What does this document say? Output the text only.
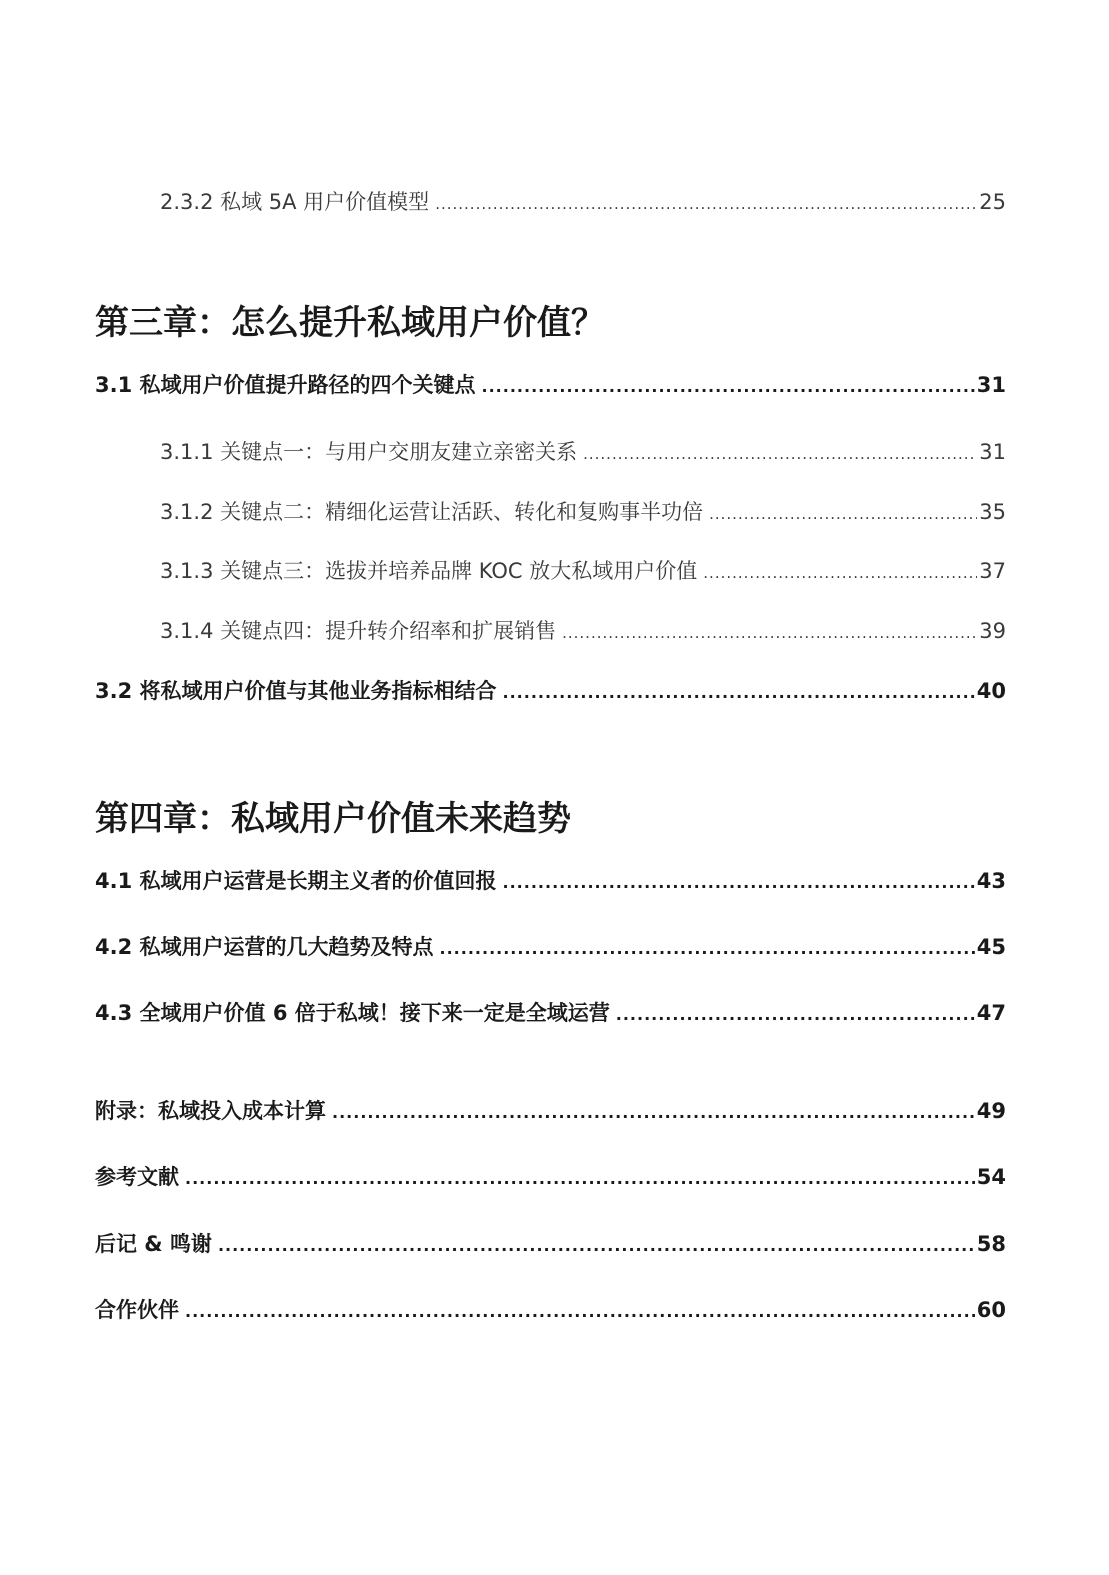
2.3.2 私域 5A 用户价值模型 .....	25
第三章：怎么提升私域用户价值？
3.1 私域用户价值提升路径的四个关键点 .....	31
3.1.1 关键点一：与用户交朋友建立亲密关系 .....	31
3.1.2 关键点二：精细化运营让活跃、转化和复购事半功倍 .....	35
3.1.3 关键点三：选拔并培养品牌 KOC 放大私域用户价值 .....	37
3.1.4 关键点四：提升转介绍率和扩展销售 .....	39
3.2 将私域用户价值与其他业务指标相结合 .....	40
第四章：私域用户价值未来趋势
4.1 私域用户运营是长期主义者的价值回报 .....	43
4.2 私域用户运营的几大趋势及特点 .....	45
4.3 全域用户价值 6 倍于私域！接下来一定是全域运营 .....	47
附录：私域投入成本计算 .....	49
参考文献 .....	54
后记 & 鸣谢 .....	58
合作伙伴 .....	60
